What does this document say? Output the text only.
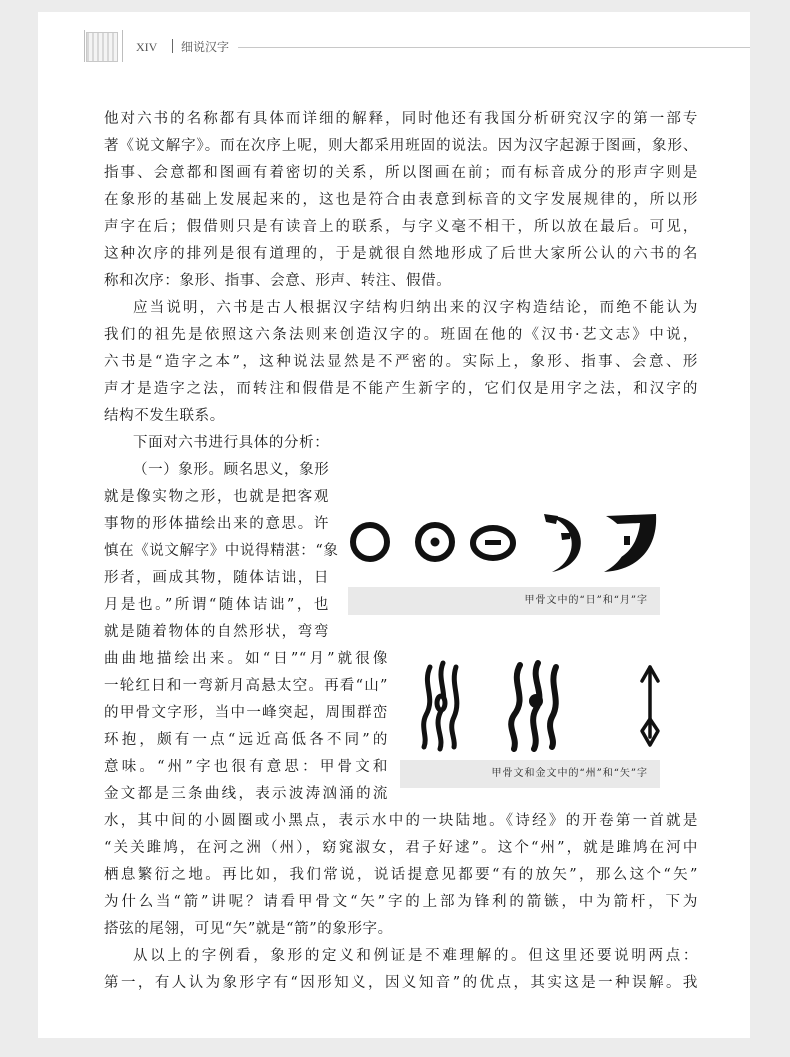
XIV 细说汉字
他对六书的名称都有具体而详细的解释，同时他还有我国分析研究汉字的第一部专
著《说文解字》。而在次序上呢，则大都采用班固的说法。因为汉字起源于图画，象形、
指事、会意都和图画有着密切的关系，所以图画在前；而有标音成分的形声字则是
在象形的基础上发展起来的，这也是符合由表意到标音的文字发展规律的，所以形
声字在后；假借则只是有读音上的联系，与字义毫不相干，所以放在最后。可见，
这种次序的排列是很有道理的，于是就很自然地形成了后世大家所公认的六书的名
称和次序：象形、指事、会意、形声、转注、假借。
应当说明，六书是古人根据汉字结构归纳出来的汉字构造结论，而绝不能认为
我们的祖先是依照这六条法则来创造汉字的。班固在他的《汉书·艺文志》中说，
六书是“造字之本”，这种说法显然是不严密的。实际上，象形、指事、会意、形
声才是造字之法，而转注和假借是不能产生新字的，它们仅是用字之法，和汉字的
结构不发生联系。
下面对六书进行具体的分析：
（一）象形。顾名思义，象形
就是像实物之形，也就是把客观
事物的形体描绘出来的意思。许
慎在《说文解字》中说得精湛：“象
形者，画成其物，随体诘诎，日
月是也。”所谓“随体诘诎”，也
就是随着物体的自然形状，弯弯
曲曲地描绘出来。如“日”“月”就很像
一轮红日和一弯新月高悬太空。再看“山”
的甲骨文字形，当中一峰突起，周围群峦
环抱，颇有一点“远近高低各不同”的
意味。“州”字也很有意思：甲骨文和
金文都是三条曲线，表示波涛汹涌的流
水，其中间的小圆圈或小黑点，表示水中的一块陆地。《诗经》的开卷第一首就是
“关关雎鸠，在河之洲（州），窈窕淑女，君子好逑”。这个“州”，就是雎鸠在河中
栖息繁衍之地。再比如，我们常说，说话提意见都要“有的放矢”，那么这个“矢”
为什么当“箭”讲呢？请看甲骨文“矢”字的上部为锋利的箭镞，中为箭杆，下为
搭弦的尾翎，可见“矢”就是“箭”的象形字。
从以上的字例看，象形的定义和例证是不难理解的。但这里还要说明两点：
第一，有人认为象形字有“因形知义，因义知音”的优点，其实这是一种误解。我
甲骨文中的“日”和“月”字
甲骨文和金文中的“州”和“矢”字
